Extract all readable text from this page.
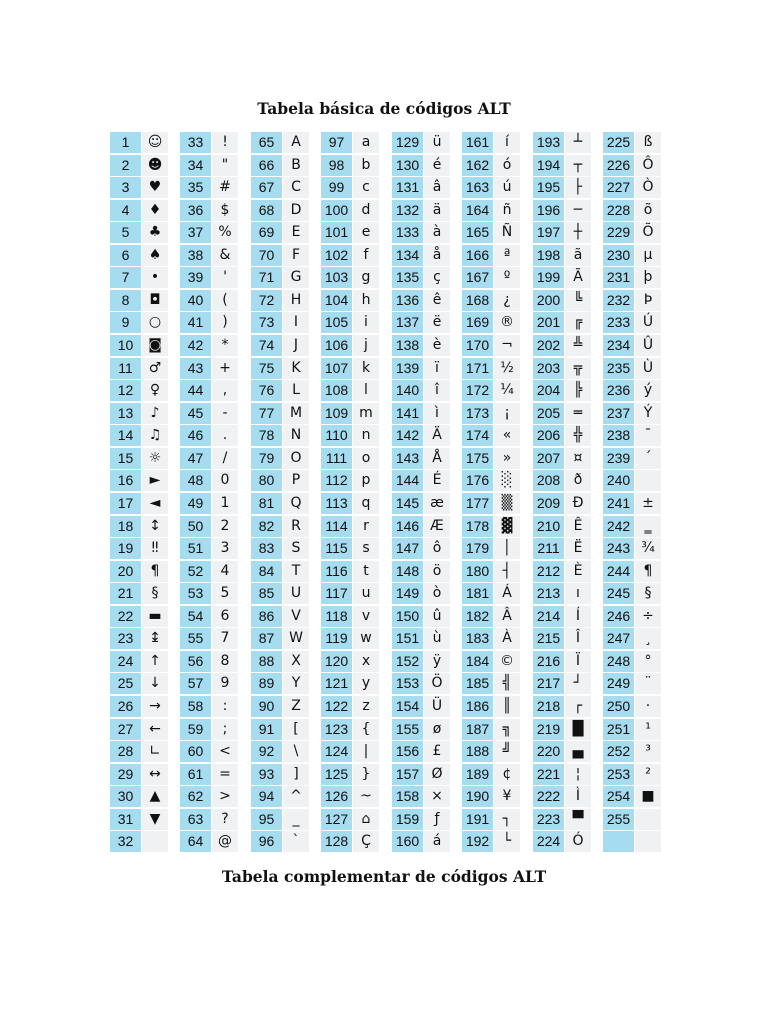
Tabela básica de códigos ALT
1	☺
2	☻
3	♥
4	♦
5	♣
6	♠
7	•
8	◘
9	○
10	◙
11	♂
12	♀
13	♪
14	♫
15	☼
16	►
17	◄
18	↕
19	‼
20	¶
21	§
22	▬
23	↨
24	↑
25	↓
26	→
27	←
28	∟
29	↔
30	▲
31	▼
32
33	!
34	"
35	#
36	$
37	%
38	&
39	'
40	(
41	)
42	*
43	+
44	,
45	-
46	.
47	/
48	0
49	1
50	2
51	3
52	4
53	5
54	6
55	7
56	8
57	9
58	:
59	;
60	<
61	=
62	>
63	?
64	@
65	A
66	B
67	C
68	D
69	E
70	F
71	G
72	H
73	I
74	J
75	K
76	L
77	M
78	N
79	O
80	P
81	Q
82	R
83	S
84	T
85	U
86	V
87	W
88	X
89	Y
90	Z
91	[
92	\
93	]
94	^
95	_
96	`
97	a
98	b
99	c
100 d
101 e
102	f
103 g
104 h
105	i
106	j
107 k
108	l
109 m
110 n
111	o
112 p
113 q
114	r
115	s
116	t
117 u
118	v
119 w
120 x
121 y
122	z
123 {
124	|
125 }
126 ~
127 ⌂
128 Ç
129 ü
130 é
131 â
132 ä
133 à
134 å
135 ç
136 ê
137 ë
138 è
139	ï
140	î
141	ì
142 Ä
143 Å
144 É
145 æ
146 Æ
147 ô
148 ö
149 ò
150 û
151 ù
152 ÿ
153 Ö
154 Ü
155 ø
156 £
157 Ø
158 ×
159	ƒ
160 á
161	í
162 ó
163 ú
164 ñ
165 Ñ
166	ª
167	º
168	¿
169 ®
170 ¬
171 ½
172 ¼
173	¡
174 «
175 »
176 ░
177 ▒
178 ▓
179 │
180 ┤
181 Á
182 Â
183 À
184 ©
185 ╣
186 ║
187 ╗
188 ╝
189 ¢
190 ¥
191 ┐
192 └
193 ┴
194 ┬
195 ├
196 ─
197 ┼
198 ã
199 Ã
200 ╚
201 ╔
202 ╩
203 ╦
204 ╠
205 ═
206 ╬
207 ¤
208 ð
209 Ð
210 Ê
211 Ë
212 È
213	ı
214	Í
215	Î
216	Ï
217 ┘
218 ┌
219 █
220 ▄
221	¦
222	Ì
223 ▀
224 Ó
225 ß
226 Ô
227 Ò
228 õ
229 Õ
230 µ
231 þ
232 Þ
233 Ú
234 Û
235 Ù
236 ý
237 Ý
238	¯
239	´
240
241 ±
242	‗
243 ¾
244 ¶
245	§
246 ÷
247	¸
248	°
249	¨
250	·
251	¹
252	³
253	²
254 ■
255
Tabela complementar de códigos ALT
